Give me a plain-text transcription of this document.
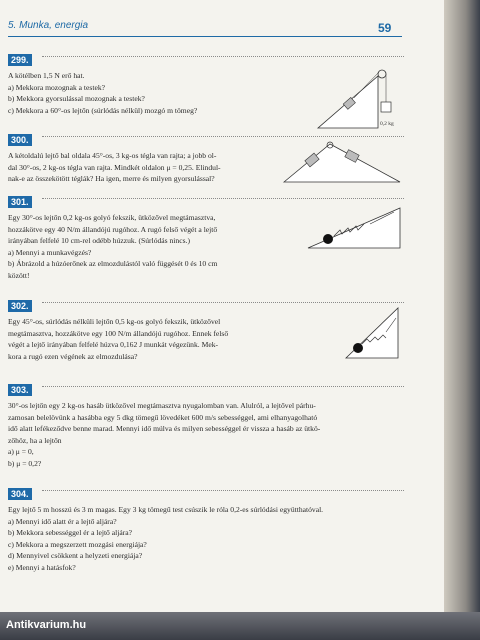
5. Munka, energia	59
299.

A kötélben 1,5 N erő hat.

a) Mekkora mozognak a testek?

b) Mekkora gyorsulással mozognak a testek?

c) Mekkora a 60°-os lejtőn (súrlódás nélkül) mozgó m tömeg?

0,2 kg
300.

A kétoldalú lejtő bal oldala 45°-os, 3 kg-os tégla van rajta; a jobb ol-

dal 30°-os, 2 kg-os tégla van rajta. Mindkét oldalon μ = 0,25. Elindul-

nak-e az összekötött téglák? Ha igen, merre és milyen gyorsulással?

301.

Egy 30°-os lejtőn 0,2 kg-os golyó fekszik, ütközővel megtámasztva,

hozzákötve egy 40 N/m állandójú rugóhoz. A rugó felső végét a lejtő

irányában felfelé 10 cm-rel odébb húzzuk. (Súrlódás nincs.)

a) Mennyi a munkavégzés?

b) Ábrázold a húzóerőnek az elmozdulástól való függését 0 és 10 cm

között!

302.

Egy 45°-os, súrlódás nélküli lejtőn 0,5 kg-os golyó fekszik, ütközővel

megtámasztva, hozzákötve egy 100 N/m állandójú rugóhoz. Ennek felső

végét a lejtő irányában felfelé húzva 0,162 J munkát végezünk. Mek-

kora a rugó ezen végének az elmozdulása?

303.

30°-os lejtőn egy 2 kg-os hasáb ütközővel megtámasztva nyugalomban van. Alulról, a lejtővel párhu-

zamosan belelövünk a hasábba egy 5 dkg tömegű lövedéket 600 m/s sebességgel, ami elhanyagolható

idő alatt lefékeződve benne marad. Mennyi idő múlva és milyen sebességgel ér vissza a hasáb az ütkö-

zőhöz, ha a lejtőn

a) μ = 0,

b) μ = 0,2?

304.

Egy lejtő 5 m hosszú és 3 m magas. Egy 3 kg tömegű test csúszik le róla 0,2-es súrlódási együtthatóval.

a) Mennyi idő alatt ér a lejtő aljára?

b) Mekkora sebességgel ér a lejtő aljára?

c) Mekkora a megszerzett mozgási energiája?

d) Mennyivel csökkent a helyzeti energiája?

e) Mennyi a hatásfok?

Antikvarium.hu
